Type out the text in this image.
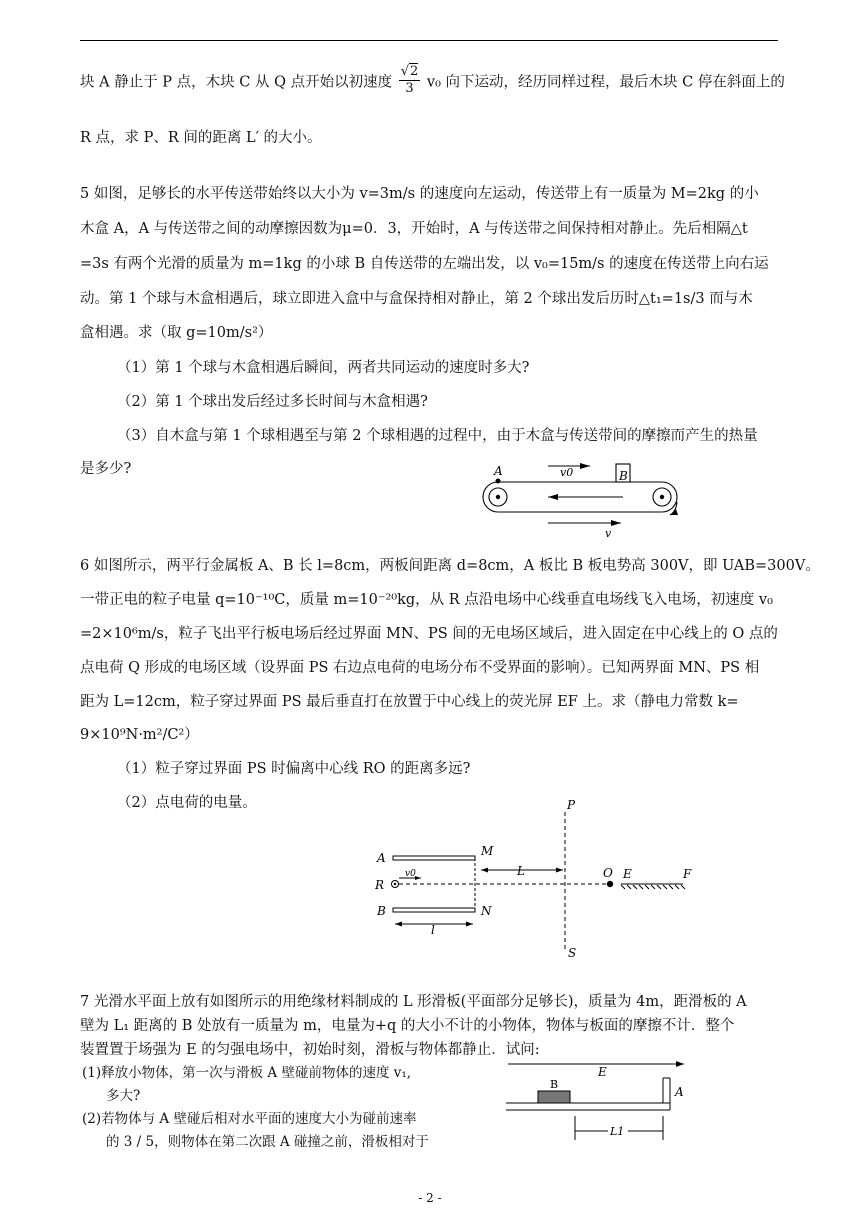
块 A 静止于 P 点，木块 C 从 Q 点开始以初速度 $\frac{√2}{3} v_0$ 向下运动，经历同样过程，最后木块 C 停在斜面上的
R 点，求 P、R 间的距离 L′ 的大小。
5 如图，足够长的水平传送带始终以大小为 v=3m/s 的速度向左运动，传送带上有一质量为 M=2kg 的小
木盒 A，A 与传送带之间的动摩擦因数为μ=0．3，开始时，A 与传送带之间保持相对静止。先后相隔△t
=3s 有两个光滑的质量为 m=1kg 的小球 B 自传送带的左端出发，以 v₀=15m/s 的速度在传送带上向右运
动。第 1 个球与木盒相遇后，球立即进入盒中与盒保持相对静止，第 2 个球出发后历时△t₁=1s/3 而与木
盒相遇。求（取 g=10m/s²）
（1）第 1 个球与木盒相遇后瞬间，两者共同运动的速度时多大?
（2）第 1 个球出发后经过多长时间与木盒相遇?
（3）自木盒与第 1 个球相遇至与第 2 个球相遇的过程中，由于木盒与传送带间的摩擦而产生的热量
是多少?	A	B
v0
v
6 如图所示，两平行金属板 A、B 长 l=8cm，两板间距离 d=8cm，A 板比 B 板电势高 300V，即 UAB=300V。
一带正电的粒子电量 q=10⁻¹⁰C，质量 m=10⁻²⁰kg，从 R 点沿电场中心线垂直电场线飞入电场，初速度 v₀
=2×10⁶m/s，粒子飞出平行板电场后经过界面 MN、PS 间的无电场区域后，进入固定在中心线上的 O 点的
点电荷 Q 形成的电场区域（设界面 PS 右边点电荷的电场分布不受界面的影响）。已知两界面 MN、PS 相
距为 L=12cm，粒子穿过界面 PS 最后垂直打在放置于中心线上的荧光屏 EF 上。求（静电力常数 k=
9×10⁹N·m²/C²）
（1）粒子穿过界面 PS 时偏离中心线 RO 的距离多远?
（2）点电荷的电量。	P
S
A
B
R
M
N
L	O E	F
v0
l
7 光滑水平面上放有如图所示的用绝缘材料制成的 L 形滑板(平面部分足够长)，质量为 4m，距滑板的 A
壁为 L₁ 距离的 B 处放有一质量为 m，电量为+q 的大小不计的小物体，物体与板面的摩擦不计．整个
装置置于场强为 E 的匀强电场中，初始时刻，滑板与物体都静止．试问:
(1)释放小物体，第一次与滑板 A 壁碰前物体的速度 v₁,
多大?
(2)若物体与 A 壁碰后相对水平面的速度大小为碰前速率
的 3 / 5，则物体在第二次跟 A 碰撞之前，滑板相对于
E
B
A
L1
- 2 -
